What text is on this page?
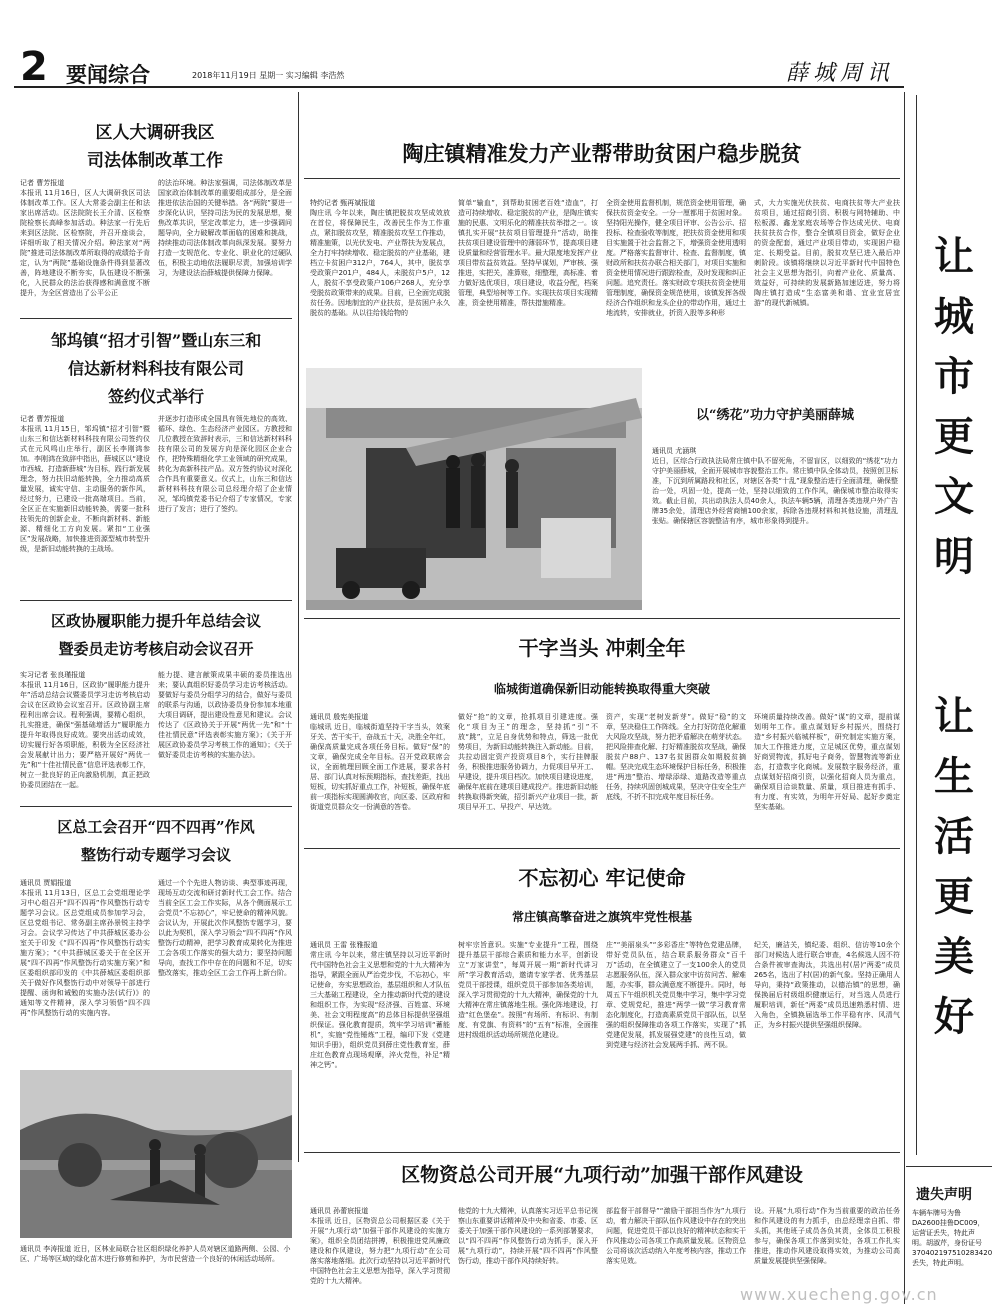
2 要闻综合	2018年11月19日 星期一 实习编辑 李浩然	薛城周讯
让
城
市
更
文
明
让
生
活
更
美
好
区人大调研我区
司法体制改革工作
记者 曹芳报道
本报讯 11月16日，区人大调研我区司法体制改革工作。区人大常委会副主任和法家出席活动。区法院院长王介清、区检察院检察长高峰参加活动。种法家一行先后来到区法院、区检察院，并召开座谈会，详细听取了相关情况介绍。种法家对“两院”推进司法体制改革所取得的成绩给予肯定，认为“两院”基础设施条件得到显著改善，阵地建设不断夯实，队伍建设不断强化，入民群众的法治获得感和满意度不断提升，为全区营造出了公平公正
的法治环境。种法家强调，司法体制改革是国家政治体制改革的重要组成部分，是全面推进依法治国的关键举措。各“两院”要进一步深化认识，坚持司法为民的发展思想，聚焦改革共识，坚定改革定力，进一步强调问题导向，全力破解改革面临的困难和挑战，持续推动司法体制改革向纵深发展。要努力打造一支规范化、专业化、职业化的过硬队伍，积极主动地依法履职尽责，加强培训学习，为建设法治薛城提供保障力保障。
邹坞镇“招才引智”暨山东三和
信达新材料科技有限公司
签约仪式举行
记者 曹芳报道
本报讯 11月15日，邹坞镇“招才引智”暨山东三和信达新材料科技有限公司签约仪式在元风鸣山庄举行，副区长李刚鸿参加。李刚鸿在致辞中指出，薛城区以“建设市西城、打造新薛城”为目标，践行新发展理念，努力扶旧动能转换，全力推动高质量发展，诚实守信、主动服务的新作风，经过努力，已建设一批高端项目。当前，全区正在实施新旧动能转换，需要一批科技领先的创新企业，不断向新材料、新能源、精细化工方向发展。紧扣“工业强区”发展战略，加快推进资源型城市转型升级，是新旧动能转换的主战场。
并逐步打造形成全国具有领先地位的高效、循环、绿色、生态经济产业园区。方教授和几位教授在致辞时表示，三和信达新材料科技有限公司的发展方向是深化园区企业合作，把特殊精细化学工业领域的研究成果，转化为高新科技产品。双方签约协议对深化合作具有重要意义。仪式上，山东三和信达新材料科技有限公司总经理介绍了企业情况，邹坞镇党委书记介绍了专家情况，专家进行了发言；进行了签约。
区政协履职能力提升年总结会议
暨委员走访考核启动会议召开
实习记者 张良瑾报道
本报讯 11月16日，区政协“履职能力提升年”活动总结会议暨委员学习走访考核启动会议在区政协会议室召开。区政协副主席程利出席会议。程利强调，要精心组织，扎实推进，确保“强基础增活力”履职能力提升年取得良好成效。要突出活动成效，切实履行好各项职能，积极为全区经济社会发展献计出力；要严格开展好“两优一先”和“十佳社情民意”信息评选表彰工作，树立一批良好的正向激励机制，真正把政协委员团结在一起。
能力提、建言献策成果丰硕的委员推选出来；要认真组织好委员学习走访考核活动。要做好与委员分组学习的结合，做好与委员的联系与沟通，以政协委员身份参加本地重大项目调研，提出建设性意见和建议。会议传达了《区政协关于开展“两优一先”和“十佳社情民意”评选表彰实施方案》；《关于开展区政协委员学习考核工作的通知》；《关于做好委员走访考核的实施办法》。
区总工会召开“四不四再”作风
整饬行动专题学习会议
通讯员 贾娟报道
本报讯 11月13日，区总工会党组理论学习中心组召开“四不四再”作风整饬行动专题学习会议。区总党组成员参加学习会，区总党组书记、常务副主席孙景锐主持学习会。会议学习传达了中共薛城区委办公室关于印发《“四不四再”作风整饬行动实施方案》；“《中共薛城区委关于在全区开展“四不四再”作风整饬行动实施方案》”和区委组织部印发的《中共薛城区委组织部关于做好作风整饬行动中对领导干部进行提醒、函询和诫勉的实施办法(试行)》的通知等文件精神，深入学习领悟“四不四再”作风整饬行动的实施内容。
通过一个个先进人物访谈、典型事迹再现，现场互动交流和研讨新时代工会工作。结合当前全区工会工作实际，从各个侧面展示工会党员“不忘初心”，牢记使命的精神风貌。会议认为，开展此次作风整饬专题学习，要以此为契机，深入学习领会“四不四再”作风整饬行动精神，把学习教育成果转化为推进工会各项工作落实的强大动力；要坚持问题导向，查找工作中存在的问题和不足，切实整改落实，推动全区工会工作再上新台阶。
通讯员 李涛报道 近日，区林业局联合社区组织绿化养护人员对辖区道路两侧、公园、小区、广场等区域的绿化苗木进行修剪和养护，为市民营造一个良好的休闲活动场所。
陶庄镇精准发力产业帮带助贫困户稳步脱贫
特约记者 甄再斌报道
陶庄讯 今年以来，陶庄镇把脱贫攻坚成效放在首位，将保障民生，改善民生作为工作重点，紧扣脱贫攻坚，精准脱贫攻坚工作推动，精准施策，以光伏发电、产业帮扶为发展点，全力打牢持续增收、稳定脱贫的产业基础，建档立卡贫困户312户，764人，其中，脱贫享受政策户201户，484人，未脱贫户5户，12人，脱贫不享受政策户106户268人，充分享受脱贫政策带来的成果。目前，已全面完成脱贫任务。因地制宜的产业扶贫，是贫困户永久脱贫的基础。从以往给钱给物的
简单“输血”，到帮助贫困老百姓“造血”，打造可持续增收、稳定脱贫的产业，是陶庄镇实施的民惠、文明乐化的精准扶贫举措之一。该镇扎实开展“扶贫项目管理提升”活动，助推扶贫项目建设管理中的薄弱环节，提高项目建设质量和经营管理水平。最大限度地发挥产业项目带贫益贫效益。坚持早谋划，严审核、强推进，实把关，准算账，细整理，高标准、着力做好选优项目，项目建设，收益分配，档案管理，典型培树等工作。实现扶贫项目实现精准，资金使用精准，帮扶措施精准。
全资金使用监督机制，规范资金使用管理，确保扶贫资金安全。一分一厘都用于贫困对象。坚持阳光操作，健全项目评审、公告公示、招投标、检查验收等制度，把扶贫资金使用和项目实施置于社会监督之下，增强资金使用透明度。严格落实监督审计、检查、监督制度，镇财政所和扶贫办联合相关部门，对项目实施和资金使用情况进行跟踪检查，及时发现和纠正问题。追究责任。落实财政专项扶贫资金使用管理制度，确保资金规范使用，该镇发挥各级经济合作组织和龙头企业的带动作用，通过土地流转，安排就业，折资入股等多种形
式，大力实施光伏扶贫、电商扶贫等大产业扶贫项目，通过招商引资、积极与网特辅助、中松板源、鑫龙家庭农场等合作达成光伏、电商扶贫扶贫合作，整合全镇项目资金，做好企业的资金配套，通过产业项目带动，实现困户稳定、长期受益。目前，脱贫攻坚已进入最后冲刺阶段。该镇将继续以习近平新时代中国特色社会主义思想为指引，向着产业化、质量高、效益好，可持续的发展新路加速迈进，努力将陶庄镇打造成“生态富美和谐、宜业宜居宜游”的现代新城镇。
以“绣花”功力守护美丽薛城
通讯员 尤涵琪
近日，区综合行政执法局常庄镇中队不留死角，不留盲区，以细致的“绣花”功力守护美丽薛城，全面开展城市容貌整治工作。常庄镇中队全体动员，按照创卫标准，下沉到所属路段和社区，对辖区各类“十乱”现象整治进行全面清理，确保整治一处，巩固一处，提高一处，坚持以细致的工作作风，确保城市整治取得实效。截止目前，共出动执法人员40余人，执法车辆5辆，清理各类违规户外广告牌35余处，清理店外经营商铺100余家，拆除各违规材料和其他设施，清理乱张贴。确保辖区容貌整洁有序，城市形象得到提升。
干字当头 冲刺全年
临城街道确保新旧动能转换取得重大突破
通讯员 殷宪美报道
临城讯 近日，临城街道坚持干字当头，效案牙关、苦干实干，奋战五十天，决胜全年红，确保高质量完成各项任务目标。做好“保”的文章，确保完成全年目标。召开党政联席会议，全面梳理回顾全面工作进展，要求各村居、部门认真对标预期指标，查找差距，找出短板，切实抓好重点工作，补短板，确保年底前一项指标实现圆满收官，向区委、区政府和街道党员群众交一份满意的答卷。
做好“抢”的文章，抢抓项目引建进度。强化“项目为王”的理念，坚持抓“引”不放“跳”，立足自身优势和特点，筛选一批优势项目，为新旧动能转换注入新动能。目前，共拉动固定资产投资项目8个，实行挂牌服务，积极推进服务协调力，力促项目早开工、早建设，提升项目档次。加快项目建设进度，确保年底前在建项目建成投产。推进新旧动能转换取得新突破，招引新兴产业项目一批，新项目早开工、早投产、早达效。
资产，实现“老树发新芽”。做好“稳”的文章，坚决稳住工作阵线。全力打好防范化解重大风险攻坚战，努力把矛盾解决在萌芽状态。把风险排查化解、打好精准脱贫攻坚战，确保脱贫户88户、137名贫困群众如期脱贫摘帽。坚决完成生态环境保护目标任务，积极推进“两违”整治、增绿添绿、道路改造等重点任务，持续巩固创城成果，坚决守住安全生产底线，不折不扣完成年度目标任务。
环境质量持续改善。做好“谋”的文章，提前谋划明年工作。重点谋划好乡村振兴，围绕打造“乡村振兴临城样板”，研究制定实施方案，加大工作推进力度，立足城区优势，重点谋划好商贸物流，抓好电子商务，智慧物流等新业态，打造数字化商城。发展数字服务经济，重点谋划好招商引资，以强化招商人员为重点，确保项目洽谈数量、质量，项目推进有抓手、有力度、有实效，为明年开好局、起好步奠定坚实基础。
不忘初心 牢记使命
常庄镇高擎奋进之旗筑牢党性根基
通讯员 王雷 张雅报道
常庄讯 今年以来，常庄镇坚持以习近平新时代中国特色社会主义思想和党的十九大精神为指导，紧跟全面从严治党步伐，不忘初心，牢记使命，夯实思想政治，基层组织和人才队伍三大基础工程建设，全力推动新时代党的建设和组织工作，为实现“经济强、百姓富、环境美、社会文明程度高”的总体目标提供坚强组织保证。强化教育提质，筑牢学习培训“蓄能机”，实施“党性锤炼”工程，编印下发《党建知识手册》，组织党员到薛庄党性教育室，薛庄红色教育点现场观摩，淬火党性，补足“精神之钙”。
树牢宗旨意识。实施“专业提升”工程，围绕提升基层干部综合素质和能力水平，创新设立“万家讲堂”，每周开展一期“新时代讲习所”学习教育活动，邀请专家学者、优秀基层党员干部授课，组织党员干部参加各类培训，深入学习贯彻党的十九大精神，确保党的十九大精神在常庄镇落地生根。强化阵地建设，打造“红色堡垒”。按照“有场所、有标识、有制度、有党旗、有资料”的“五有”标准，全面推进村级组织活动场所规范化建设。
庄”“美丽泉头”“多彩香庄”等特色党建品牌，带好党员队伍，结合联系服务群众“百千万”活动，在全镇建立了一支100余人的党员志愿服务队伍，深入群众家中访贫问苦、解难题，办实事，群众满意度不断提升。同时，每周五下午组织机关党员集中学习，集中学习党章、党规党纪，推进“两学一做”学习教育常态化制度化，打造高素质党员干部队伍，以坚强的组织保障推动各项工作落实，实现了“抓党建促发展，抓发展强党建”的良性互动，做到党建与经济社会发展两手抓、两不误。
纪关，廉洁关，镇纪委、组织、信访等10余个部门对候选人进行联合审查，4名候选人因不符合条件被审查淘汰，共选出村(居)“两委”成员265名，选出了村(居)的新气象。坚持正确用人导向，秉持“政策推动，以德治镇”的思想，确保换届后村级组织健康运行，对当选人员进行履职培训，新任“两委”成员迅速熟悉村情、进入角色，全镇换届选举工作平稳有序、风清气正，为乡村振兴提供坚强组织保障。
区物资总公司开展“九项行动”加强干部作风建设
通讯员 孙蕾宸报道
本报讯 近日，区物资总公司根据区委《关于开展“九项行动”加强干部作风建设的实施方案》，组织全员团结拼搏，积极推进党风廉政建设和作风建设，努力把“九项行动”在公司落实落地落细。此次行动坚持以习近平新时代中国特色社会主义思想为指导，深入学习贯彻党的十九大精神。
他党的十九大精神，认真落实习近平总书记视察山东重要讲话精神及中央和省委、市委、区委关于加强干部作风建设的一系列部署要求，以“四不四再”作风整饬行动为抓手，深入开展“九项行动”，持续开展“四不四再”作风整饬行动，推动干部作风持续好转。
部监督干部督导”“激励干部担当作为”九项行动，着力解决干部队伍作风建设中存在的突出问题，促进党员干部以良好的精神状态和实干作风推动公司各项工作高质量发展。区物资总公司将该次活动纳入年度考核内容，推动工作落实见效。
设。开展“九项行动”作为当前重要的政治任务和作风建设的有力抓手，由总经理亲自抓、带头抓，其他班子成员各负其责，全体员工积极参与，确保各项工作落到实处，各项工作扎实推进，推动作风建设取得实效，为推动公司高质量发展提供坚强保障。
遗失声明
车辆车牌号为鲁DA2600挂鲁DC009，运营证丢失，特此声明。胡淑芹，身份证号370402197510283420丢失，特此声明。
www.xuecheng.gov.cn
